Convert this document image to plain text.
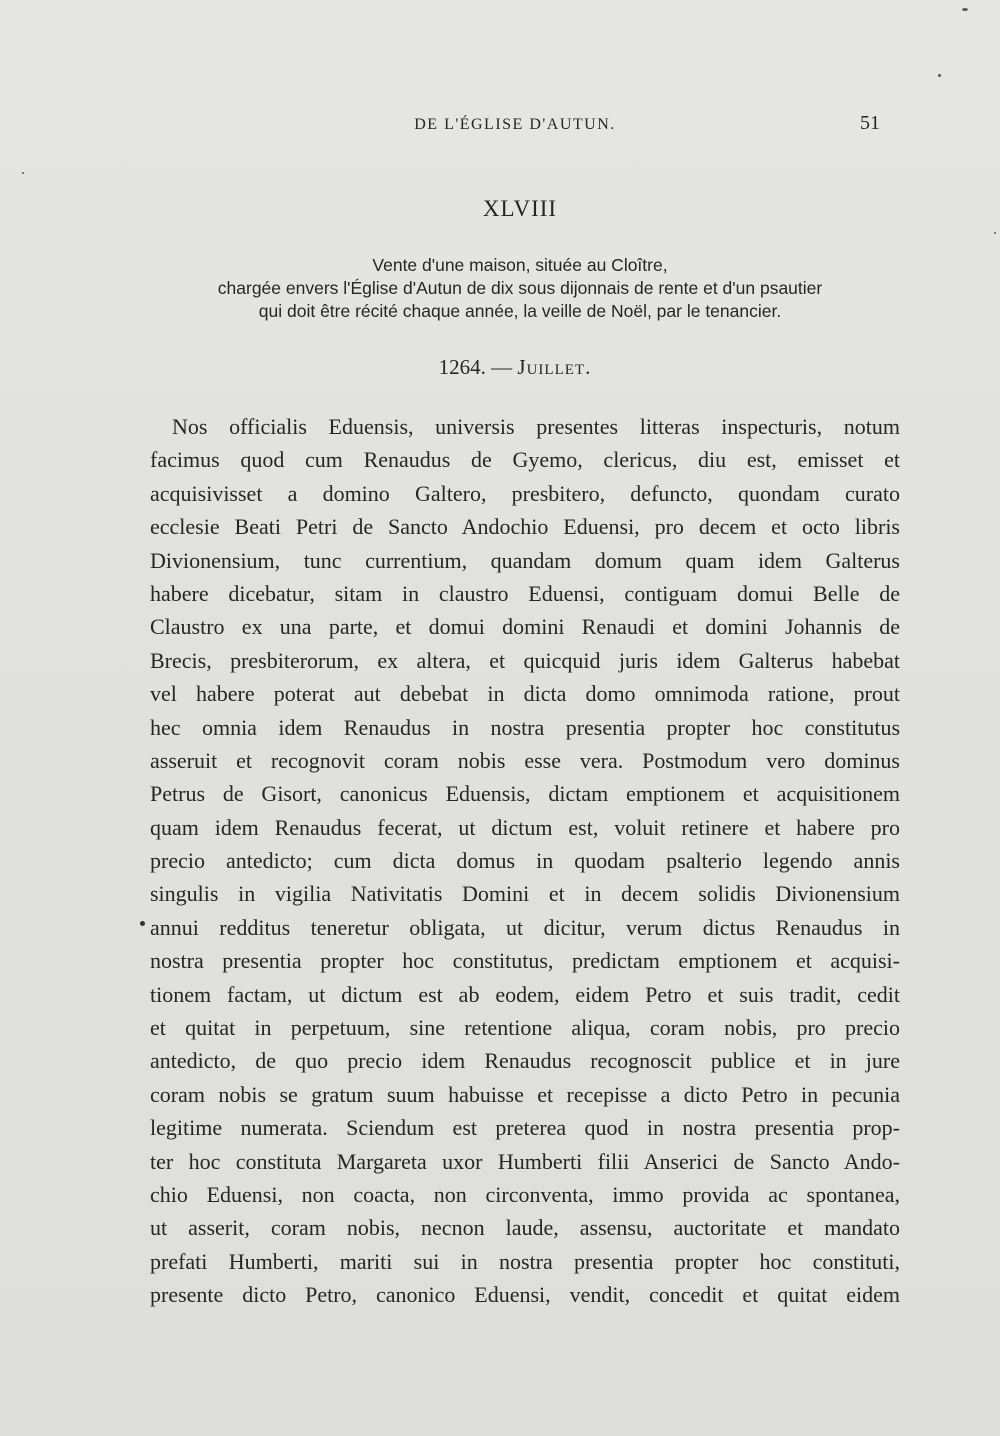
DE L'ÉGLISE D'AUTUN.	51
XLVIII
Vente d'une maison, située au Cloître,
chargée envers l'Église d'Autun de dix sous dijonnais de rente et d'un psautier
qui doit être récité chaque année, la veille de Noël, par le tenancier.
1264. — Juillet.
Nos officialis Eduensis, universis presentes litteras inspecturis, notum
facimus quod cum Renaudus de Gyemo, clericus, diu est, emisset et
acquisivisset a domino Galtero, presbitero, defuncto, quondam curato
ecclesie Beati Petri de Sancto Andochio Eduensi, pro decem et octo libris
Divionensium, tunc currentium, quandam domum quam idem Galterus
habere dicebatur, sitam in claustro Eduensi, contiguam domui Belle de
Claustro ex una parte, et domui domini Renaudi et domini Johannis de
Brecis, presbiterorum, ex altera, et quicquid juris idem Galterus habebat
vel habere poterat aut debebat in dicta domo omnimoda ratione, prout
hec omnia idem Renaudus in nostra presentia propter hoc constitutus
asseruit et recognovit coram nobis esse vera. Postmodum vero dominus
Petrus de Gisort, canonicus Eduensis, dictam emptionem et acquisitionem
quam idem Renaudus fecerat, ut dictum est, voluit retinere et habere pro
precio antedicto; cum dicta domus in quodam psalterio legendo annis
singulis in vigilia Nativitatis Domini et in decem solidis Divionensium
annui redditus teneretur obligata, ut dicitur, verum dictus Renaudus in
nostra presentia propter hoc constitutus, predictam emptionem et acquisi-
tionem factam, ut dictum est ab eodem, eidem Petro et suis tradit, cedit
et quitat in perpetuum, sine retentione aliqua, coram nobis, pro precio
antedicto, de quo precio idem Renaudus recognoscit publice et in jure
coram nobis se gratum suum habuisse et recepisse a dicto Petro in pecunia
legitime numerata. Sciendum est preterea quod in nostra presentia prop-
ter hoc constituta Margareta uxor Humberti filii Anserici de Sancto Ando-
chio Eduensi, non coacta, non circonventa, immo provida ac spontanea,
ut asserit, coram nobis, necnon laude, assensu, auctoritate et mandato
prefati Humberti, mariti sui in nostra presentia propter hoc constituti,
presente dicto Petro, canonico Eduensi, vendit, concedit et quitat eidem
